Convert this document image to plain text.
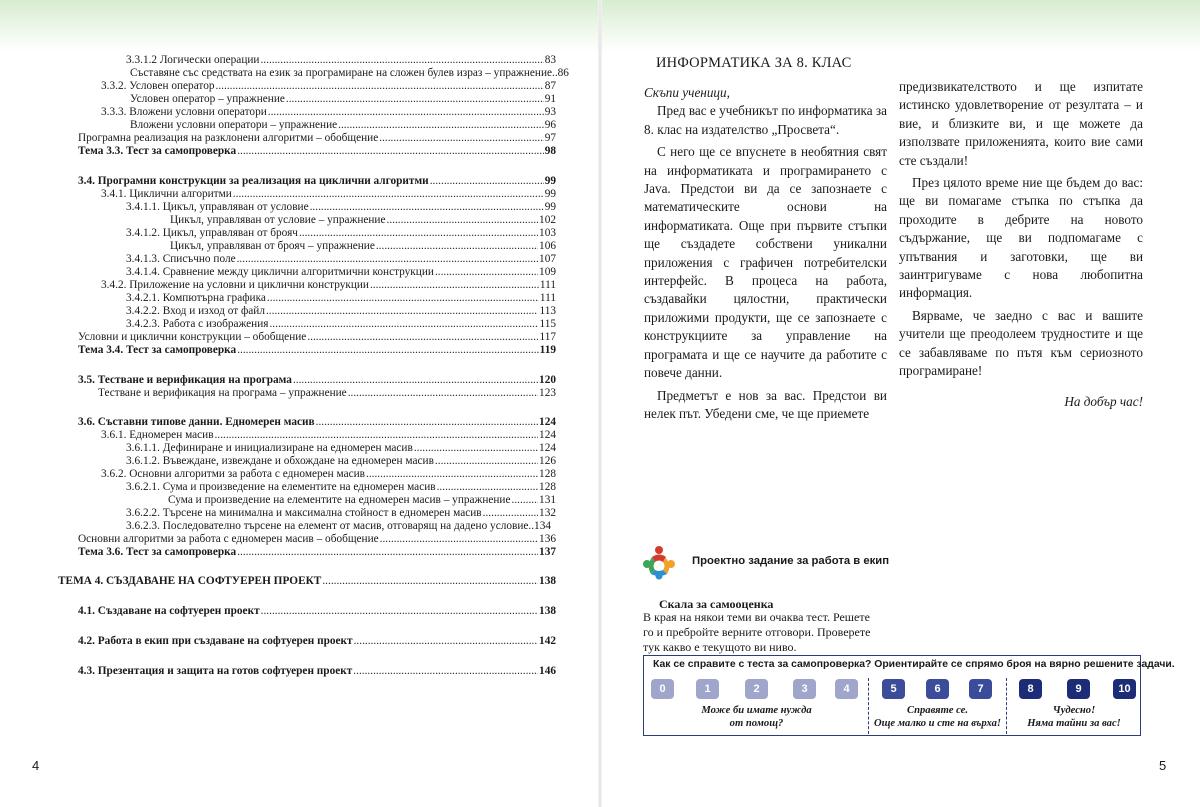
3.3.1.2 Логически операции .....	83
Съставяне със средствата на език за програмиране на сложен булев израз – упражнение ..86
3.3.2. Условен оператор .....	87
Условен оператор – упражнение .....	91
3.3.3. Вложени условни оператори .....	93
Вложени условни оператори – упражнение .....	96
Програмна реализация на разклонени алгоритми – обобщение .....	97
Тема 3.3. Тест за самопроверка .....	98
3.4. Програмни конструкции за реализация на циклични алгоритми .....	99
3.4.1. Циклични алгоритми .....	99
3.4.1.1. Цикъл, управляван от условие .....	99
Цикъл, управляван от условие – упражнение .....	102
3.4.1.2. Цикъл, управляван от брояч .....	103
Цикъл, управляван от брояч – упражнение .....	106
3.4.1.3. Списъчно поле .....	107
3.4.1.4. Сравнение между циклични алгоритмични конструкции .....	109
3.4.2. Приложение на условни и циклични конструкции .....	111
3.4.2.1. Компютърна графика .....	111
3.4.2.2. Вход и изход от файл .....	113
3.4.2.3. Работа с изображения .....	115
Условни и циклични конструкции – обобщение .....	117
Тема 3.4. Тест за самопроверка .....	119
3.5. Тестване и верификация на програма .....	120
Тестване и верификация на програма – упражнение .....	123
3.6. Съставни типове данни. Едномерен масив .....	124
3.6.1. Едномерен масив .....	124
3.6.1.1. Дефиниране и инициализиране на едномерен масив .....	124
3.6.1.2. Въвеждане, извеждане и обхождане на едномерен масив .....	126
3.6.2. Основни алгоритми за работа с едномерен масив .....	128
3.6.2.1. Сума и произведение на елементите на едномерен масив .....	128
Сума и произведение на елементите на едномерен масив – упражнение .....	131
3.6.2.2. Търсене на минимална и максимална стойност в едномерен масив .....	132
3.6.2.3. Последователно търсене на елемент от масив, отговарящ на дадено условие ..134
Основни алгоритми за работа с едномерен масив – обобщение .....	136
Тема 3.6. Тест за самопроверка .....	137
ТЕМА 4. СЪЗДАВАНЕ НА СОФТУЕРЕН ПРОЕКТ .....	138
4.1. Създаване на софтуерен проект .....	138
4.2. Работа в екип при създаване на софтуерен проект .....	142
4.3. Презентация и защита на готов софтуерен проект .....	146
4	5
ИНФОРМАТИКА ЗА 8. КЛАС

Скъпи ученици,

Пред вас е учебникът по информатика за 8. клас на издателство „Просвета“.

С него ще се впуснете в необятния свят на информатиката и програмирането с Java. Предстои ви да се запознаете с математическите основи на информатиката. Още при първите стъпки ще създадете собствени уникални приложения с графичен потребителски интерфейс. В процеса на работа, създавайки цялостни, практически приложими продукти, ще се запознаете с конструкциите за управление на програмата и ще се научите да работите с повече данни.

Предметът е нов за вас. Предстои ви нелек път. Убедени сме, че ще приемете

предизвикателството и ще изпитате истинско удовлетворение от резултата – и вие, и близките ви, и ще можете да използвате приложенията, които вие сами сте създали!

През цялото време ние ще бъдем до вас: ще ви помагаме стъпка по стъпка да проходите в дебрите на новото съдържание, ще ви подпомагаме с упътвания и заготовки, ще ви заинтригуваме с нова любопитна информация.

Вярваме, че заедно с вас и вашите учители ще преодолеем трудностите и ще се забавляваме по пътя към сериозното програмиране!

На добър час!

Проектно задание за работа в екип
Скала за самооценка
В края на някои теми ви очаква тест. Решете го и пребройте верните отговори. Проверете тук какво е текущото ви ниво.
Как се справите с теста за самопроверка? Ориентирайте се спрямо броя на вярно решените задачи.
0	1	2	3	4	5	6	7	8	9	10
Може би имате нужда
от помощ?
Справяте се.
Още малко и сте на върха!
Чудесно!
Няма тайни за вас!
